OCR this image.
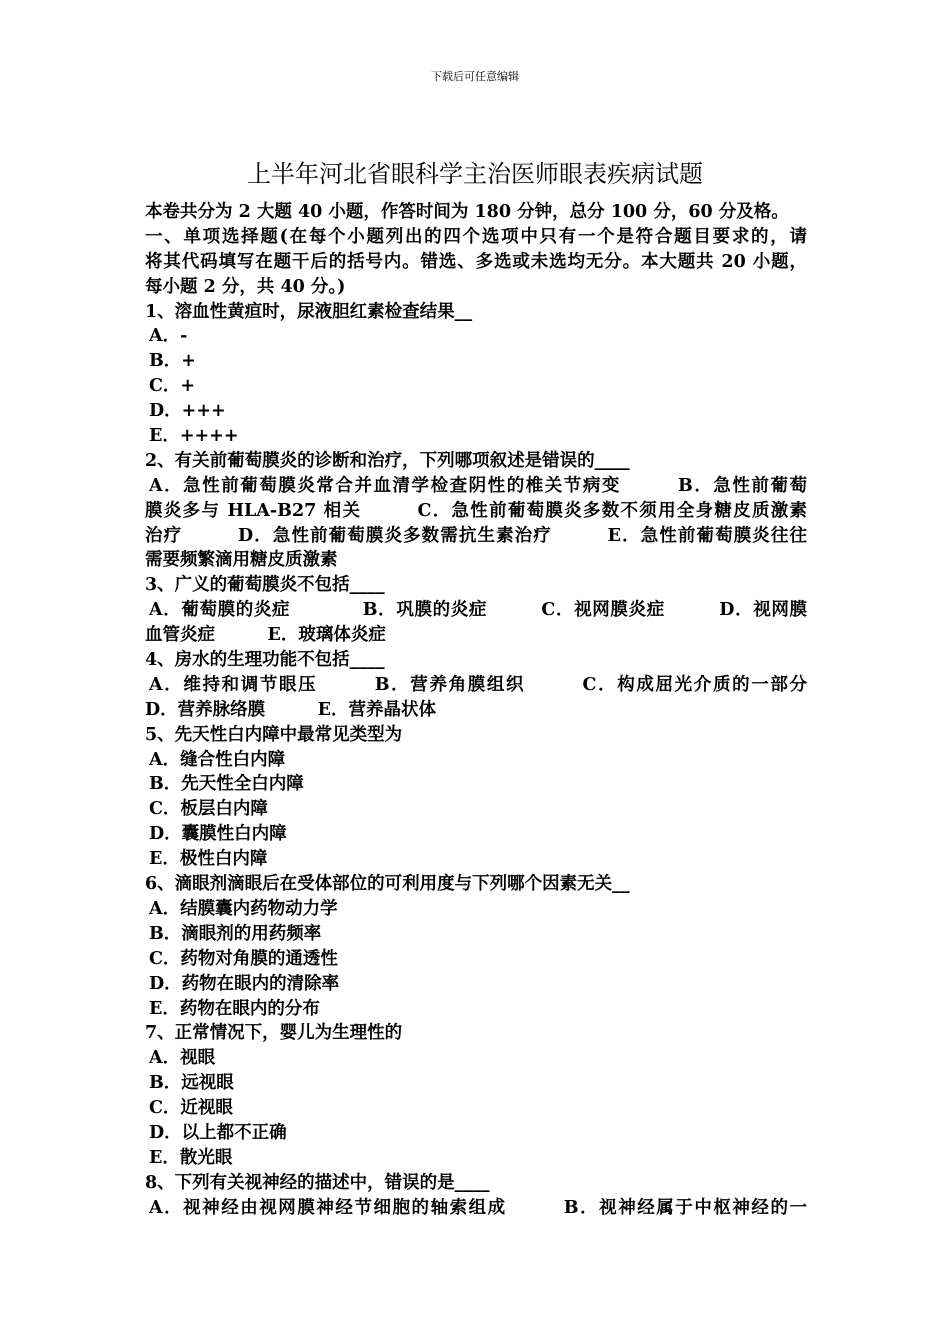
下载后可任意编辑
上半年河北省眼科学主治医师眼表疾病试题
本卷共分为 2 大题 40 小题，作答时间为 180 分钟，总分 100 分，60 分及格。
一、单项选择题(在每个小题列出的四个选项中只有一个是符合题目要求的，请
将其代码填写在题干后的括号内。错选、多选或未选均无分。本大题共 20 小题，
每小题 2 分，共 40 分。)
1、溶血性黄疸时，尿液胆红素检查结果__
A．-
B．+
C．+
D．+++
E．++++
2、有关前葡萄膜炎的诊断和治疗，下列哪项叙述是错误的____
A．急性前葡萄膜炎常合并血清学检查阴性的椎关节病变　　　B．急性前葡萄
膜炎多与 HLA-B27 相关　　　C．急性前葡萄膜炎多数不须用全身糖皮质激素
治疗　　　D．急性前葡萄膜炎多数需抗生素治疗　　　E．急性前葡萄膜炎往往
需要频繁滴用糖皮质激素
3、广义的葡萄膜炎不包括____
A．葡萄膜的炎症　　　　B．巩膜的炎症　　　C．视网膜炎症　　　D．视网膜
血管炎症　　　E．玻璃体炎症
4、房水的生理功能不包括____
A．维持和调节眼压　　　B．营养角膜组织　　　C．构成屈光介质的一部分
D．营养脉络膜　　　E．营养晶状体
5、先天性白内障中最常见类型为
A．缝合性白内障
B．先天性全白内障
C．板层白内障
D．囊膜性白内障
E．极性白内障
6、滴眼剂滴眼后在受体部位的可利用度与下列哪个因素无关__
A．结膜囊内药物动力学
B．滴眼剂的用药频率
C．药物对角膜的通透性
D．药物在眼内的清除率
E．药物在眼内的分布
7、正常情况下，婴儿为生理性的
A．视眼
B．远视眼
C．近视眼
D．以上都不正确
E．散光眼
8、下列有关视神经的描述中，错误的是____
A．视神经由视网膜神经节细胞的轴索组成　　　B．视神经属于中枢神经的一
